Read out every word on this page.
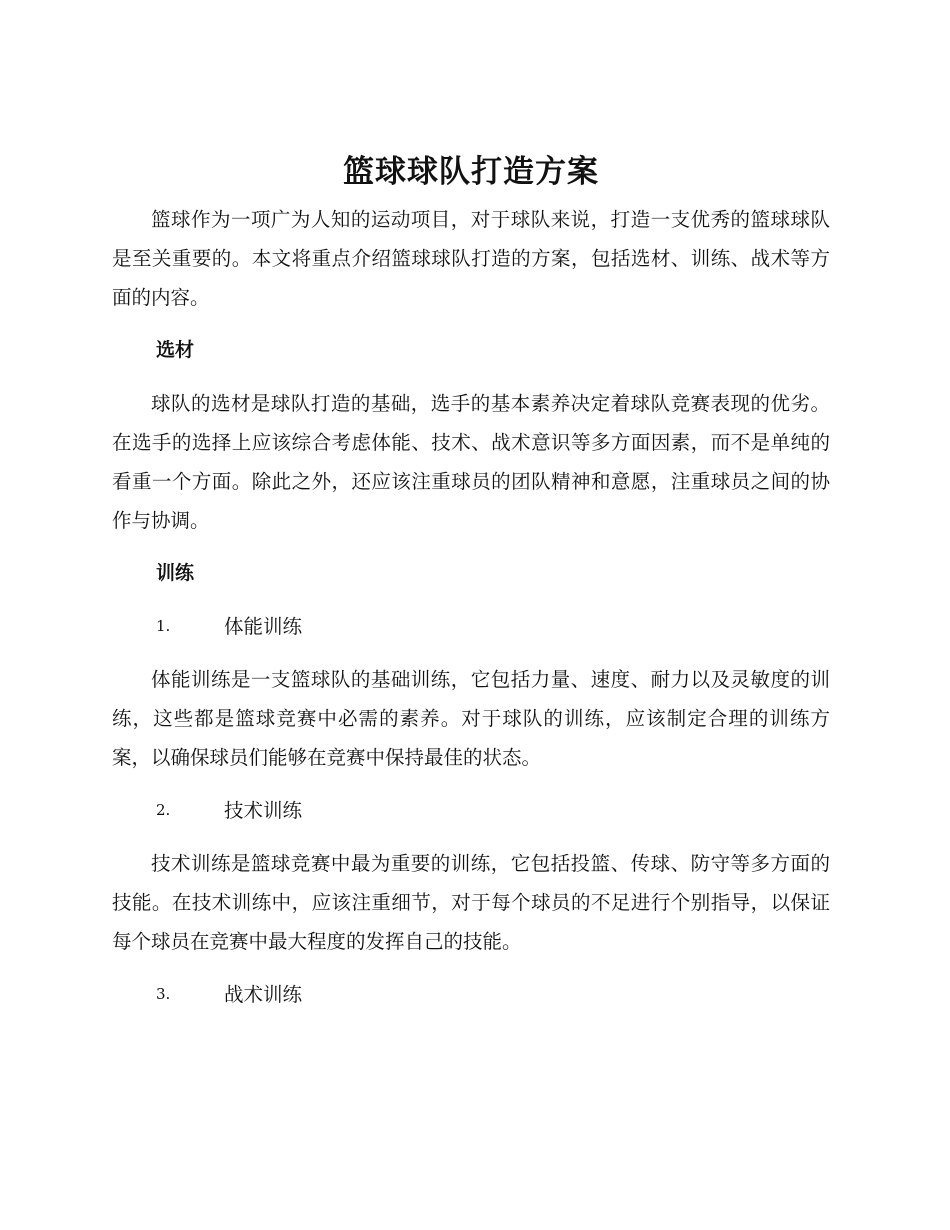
篮球球队打造方案

篮球作为一项广为人知的运动项目，对于球队来说，打造一支优秀的篮球球队是至关重要的。本文将重点介绍篮球球队打造的方案，包括选材、训练、战术等方面的内容。

选材

球队的选材是球队打造的基础，选手的基本素养决定着球队竞赛表现的优劣。在选手的选择上应该综合考虑体能、技术、战术意识等多方面因素，而不是单纯的看重一个方面。除此之外，还应该注重球员的团队精神和意愿，注重球员之间的协作与协调。

训练
1.	体能训练

体能训练是一支篮球队的基础训练，它包括力量、速度、耐力以及灵敏度的训练，这些都是篮球竞赛中必需的素养。对于球队的训练，应该制定合理的训练方案，以确保球员们能够在竞赛中保持最佳的状态。

2.	技术训练

技术训练是篮球竞赛中最为重要的训练，它包括投篮、传球、防守等多方面的技能。在技术训练中，应该注重细节，对于每个球员的不足进行个别指导，以保证每个球员在竞赛中最大程度的发挥自己的技能。

3.	战术训练
